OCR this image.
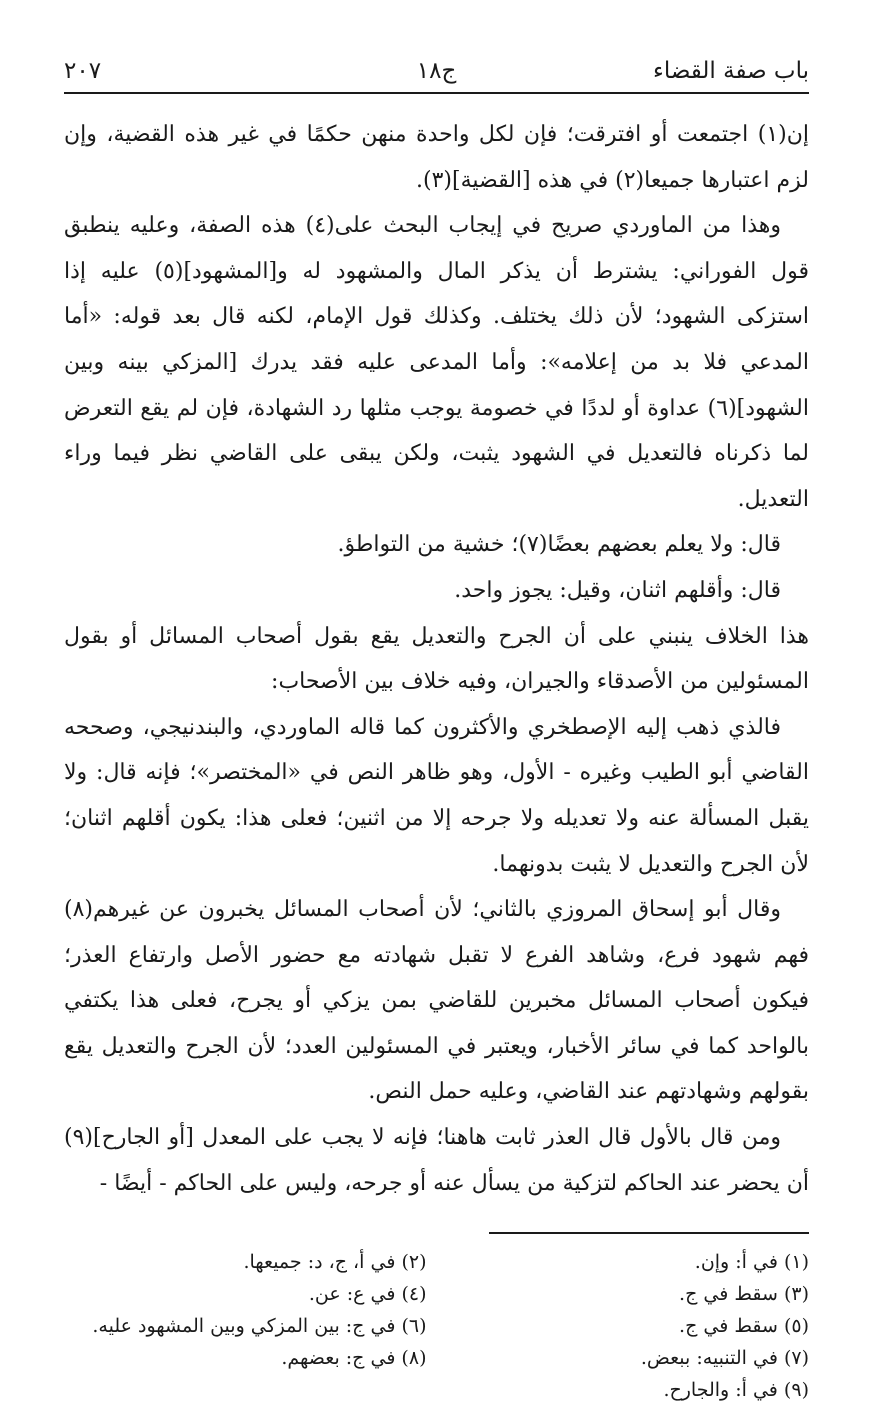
باب صفة القضاء
ج١٨
٢٠٧

إن(١) اجتمعت أو افترقت؛ فإن لكل واحدة منهن حكمًا في غير هذه القضية، وإن لزم اعتبارها جميعا(٢) في هذه [القضية](٣).

وهذا من الماوردي صريح في إيجاب البحث على(٤) هذه الصفة، وعليه ينطبق قول الفوراني: يشترط أن يذكر المال والمشهود له و[المشهود](٥) عليه إذا استزكى الشهود؛ لأن ذلك يختلف. وكذلك قول الإمام، لكنه قال بعد قوله: «أما المدعي فلا بد من إعلامه»: وأما المدعى عليه فقد يدرك [المزكي بينه وبين الشهود](٦) عداوة أو لددًا في خصومة يوجب مثلها رد الشهادة، فإن لم يقع التعرض لما ذكرناه فالتعديل في الشهود يثبت، ولكن يبقى على القاضي نظر فيما وراء التعديل.

قال: ولا يعلم بعضهم بعضًا(٧)؛ خشية من التواطؤ.

قال: وأقلهم اثنان، وقيل: يجوز واحد.

هذا الخلاف ينبني على أن الجرح والتعديل يقع بقول أصحاب المسائل أو بقول المسئولين من الأصدقاء والجيران، وفيه خلاف بين الأصحاب:

فالذي ذهب إليه الإصطخري والأكثرون كما قاله الماوردي، والبندنيجي، وصححه القاضي أبو الطيب وغيره - الأول، وهو ظاهر النص في «المختصر»؛ فإنه قال: ولا يقبل المسألة عنه ولا تعديله ولا جرحه إلا من اثنين؛ فعلى هذا: يكون أقلهم اثنان؛ لأن الجرح والتعديل لا يثبت بدونهما.

وقال أبو إسحاق المروزي بالثاني؛ لأن أصحاب المسائل يخبرون عن غيرهم(٨) فهم شهود فرع، وشاهد الفرع لا تقبل شهادته مع حضور الأصل وارتفاع العذر؛ فيكون أصحاب المسائل مخبرين للقاضي بمن يزكي أو يجرح، فعلى هذا يكتفي بالواحد كما في سائر الأخبار، ويعتبر في المسئولين العدد؛ لأن الجرح والتعديل يقع بقولهم وشهادتهم عند القاضي، وعليه حمل النص.

ومن قال بالأول قال العذر ثابت هاهنا؛ فإنه لا يجب على المعدل [أو الجارح](٩) أن يحضر عند الحاكم لتزكية من يسأل عنه أو جرحه، وليس على الحاكم - أيضًا -

(١) في أ: وإن.
(٢) في أ، ج، د: جميعها.
(٣) سقط في ج.
(٤) في ع: عن.
(٥) سقط في ج.
(٦) في ج: بين المزكي وبين المشهود عليه.
(٧) في التنبيه: ببعض.
(٨) في ج: بعضهم.
(٩) في أ: والجارح.
